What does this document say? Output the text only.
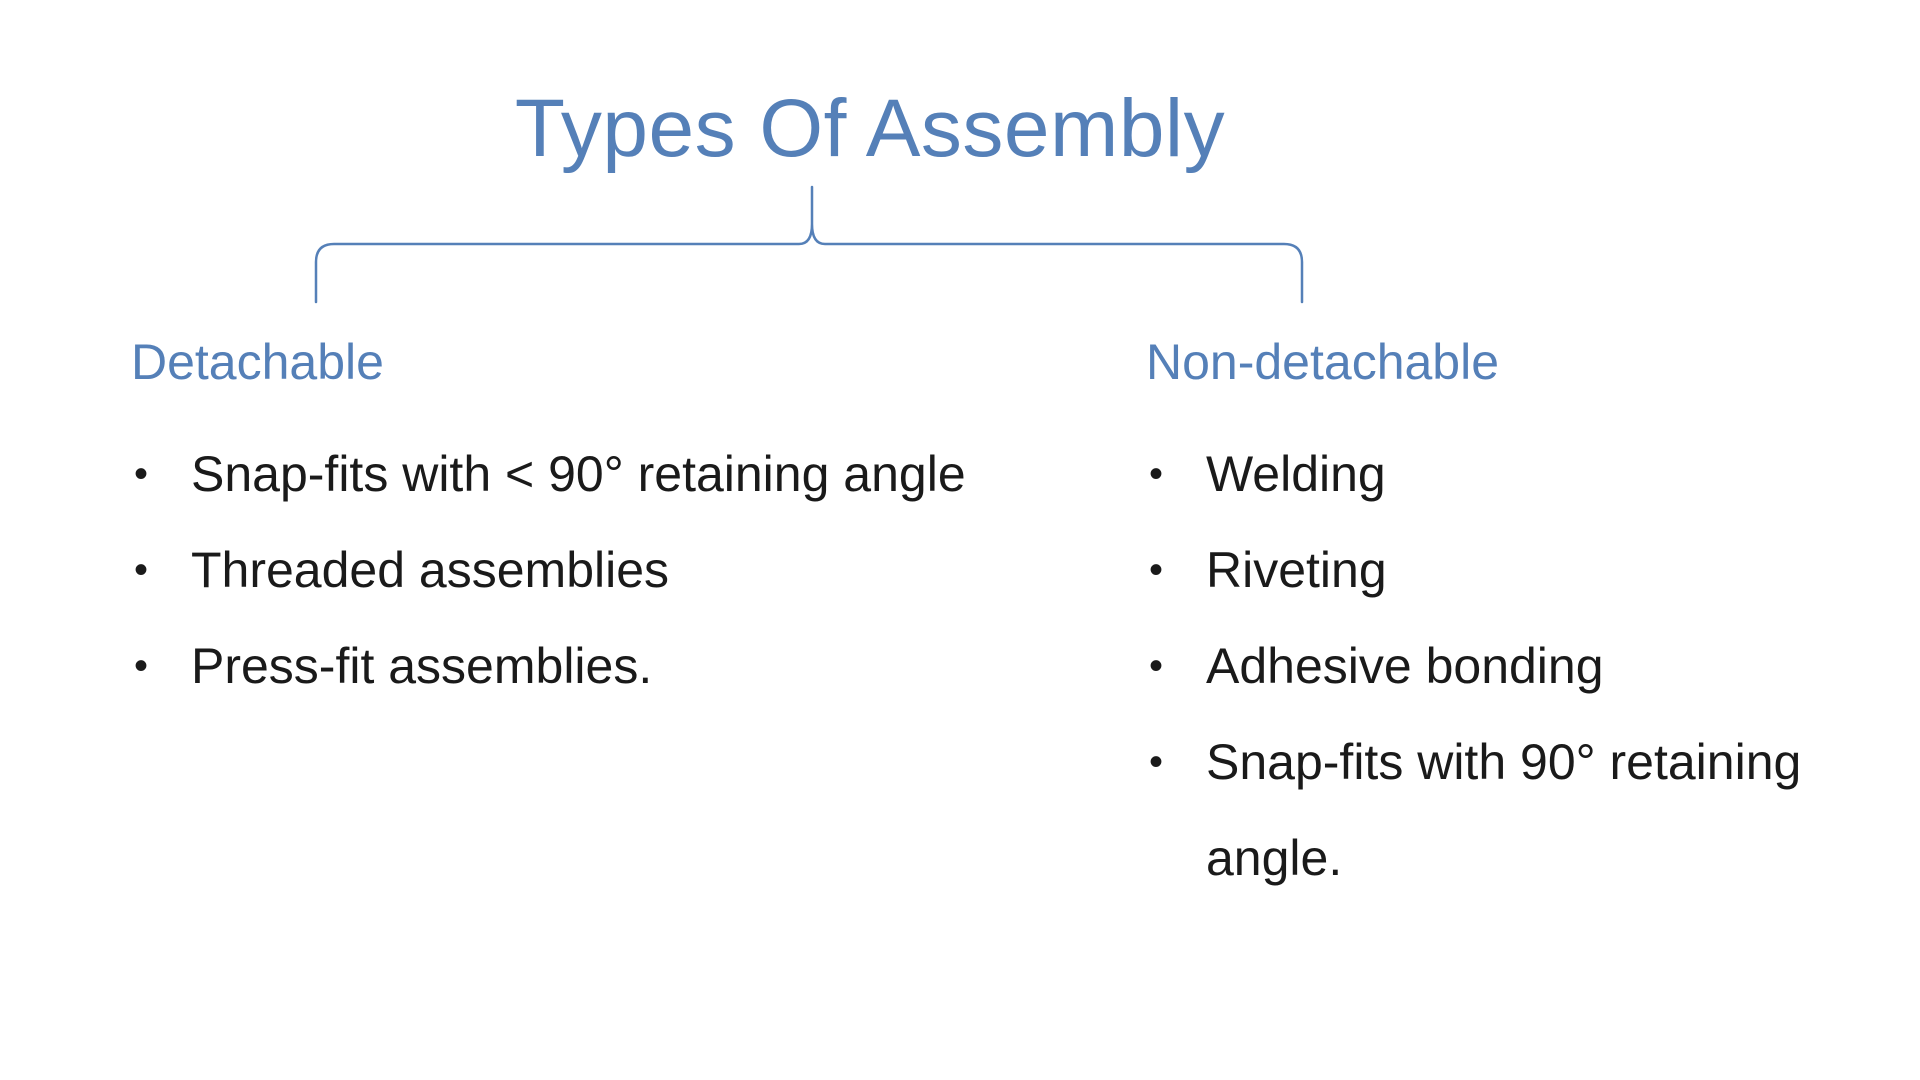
Types Of Assembly
Detachable
• Snap-fits with < 90° retaining angle
• Threaded assemblies
• Press-fit assemblies.
Non-detachable
• Welding
• Riveting
• Adhesive bonding
• Snap-fits with 90° retaining angle.
